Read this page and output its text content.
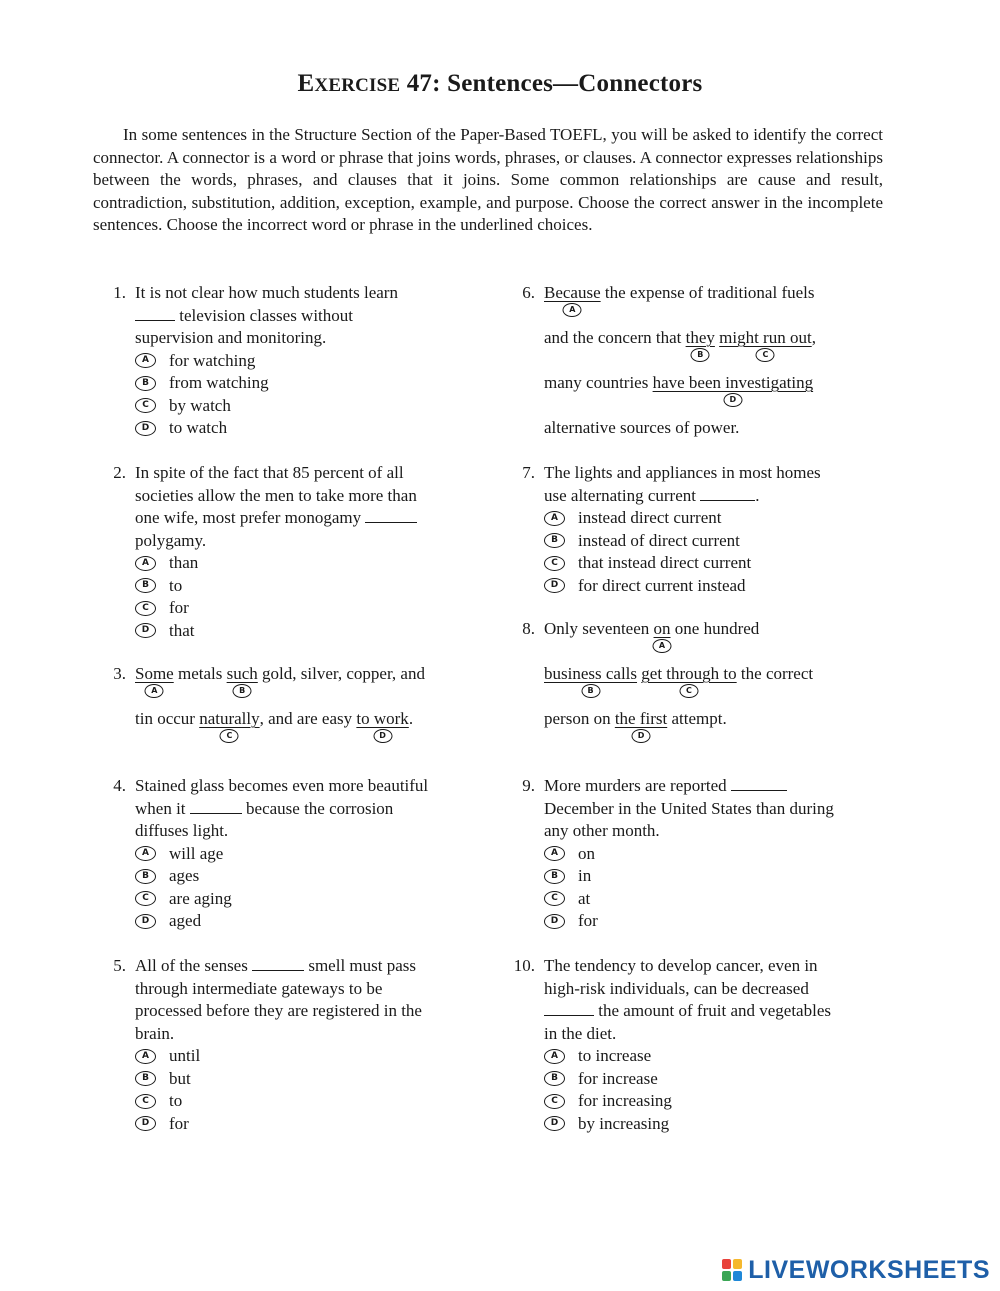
EXERCISE 47: Sentences—Connectors

In some sentences in the Structure Section of the Paper-Based TOEFL, you will be asked to identify the correct connector. A connector is a word or phrase that joins words, phrases, or clauses. A connector expresses relationships between the words, phrases, and clauses that it joins. Some common relationships are cause and result, contradiction, substitution, addition, exception, example, and purpose. Choose the correct answer in the incomplete sentences. Choose the incorrect word or phrase in the underlined choices.

1. It is not clear how much students learn
television classes without
supervision and monitoring.
A	for watching
B	from watching
C	by watch
D	to watch
2. In spite of the fact that 85 percent of all
societies allow the men to take more than
one wife, most prefer monogamy
polygamy.
A	than
B	to
C	for
D	that
3. Some
A
metals such
B
gold, silver, copper, and
tin occur naturally
C
, and are easy to work
D
.
4. Stained glass becomes even more beautiful
when it	because the corrosion
diffuses light.
A	will age
B	ages
C	are aging
D	aged
5. All of the senses	smell must pass
through intermediate gateways to be
processed before they are registered in the
brain.
A	until
B	but
C	to
D	for
6. Because
A
the expense of traditional fuels
and the concern that they
B
might run out
C
,
many countries have been investigating
D
alternative sources of power.
7. The lights and appliances in most homes
use alternating current	.
A	instead direct current
B	instead of direct current
C	that instead direct current
D	for direct current instead
8. Only seventeen on
A
one hundred
business calls
B
get through to
C
the correct
person on the first
D
attempt.
9. More murders are reported
December in the United States than during
any other month.
A	on
B	in
C	at
D	for
10. The tendency to develop cancer, even in
high-risk individuals, can be decreased
the amount of fruit and vegetables
in the diet.
A	to increase
B	for increase
C	for increasing
D	by increasing
LIVEWORKSHEETS
